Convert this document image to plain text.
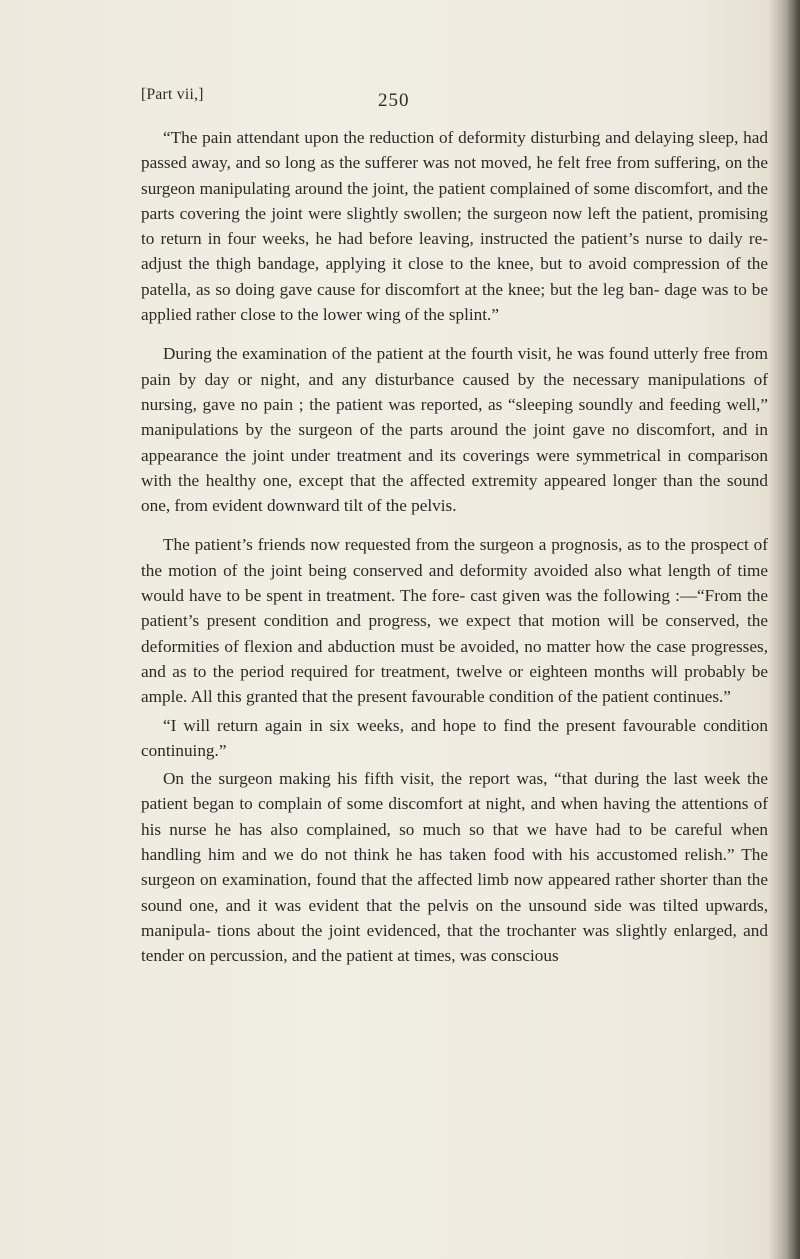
[Part vii,]	250

“The pain attendant upon the reduction of deformity disturbing and delaying sleep, had passed away, and so long as the sufferer was not moved, he felt free from suffering, on the surgeon manipulating around the joint, the patient complained of some discomfort, and the parts covering the joint were slightly swollen; the surgeon now left the patient, promising to return in four weeks, he had before leaving, instructed the patient’s nurse to daily re-adjust the thigh bandage, applying it close to the knee, but to avoid compression of the patella, as so doing gave cause for discomfort at the knee; but the leg ban- dage was to be applied rather close to the lower wing of the splint.”

During the examination of the patient at the fourth visit, he was found utterly free from pain by day or night, and any disturbance caused by the necessary manipulations of nursing, gave no pain ; the patient was reported, as “sleeping soundly and feeding well,” manipulations by the surgeon of the parts around the joint gave no discomfort, and in appearance the joint under treatment and its coverings were symmetrical in comparison with the healthy one, except that the affected extremity appeared longer than the sound one, from evident downward tilt of the pelvis.

The patient’s friends now requested from the surgeon a prognosis, as to the prospect of the motion of the joint being conserved and deformity avoided also what length of time would have to be spent in treatment. The fore- cast given was the following :—“From the patient’s present condition and progress, we expect that motion will be conserved, the deformities of flexion and abduction must be avoided, no matter how the case progresses, and as to the period required for treatment, twelve or eighteen months will probably be ample. All this granted that the present favourable condition of the patient continues.”

“I will return again in six weeks, and hope to find the present favourable condition continuing.”

On the surgeon making his fifth visit, the report was, “that during the last week the patient began to complain of some discomfort at night, and when having the attentions of his nurse he has also complained, so much so that we have had to be careful when handling him and we do not think he has taken food with his accustomed relish.” The surgeon on examination, found that the affected limb now appeared rather shorter than the sound one, and it was evident that the pelvis on the unsound side was tilted upwards, manipula- tions about the joint evidenced, that the trochanter was slightly enlarged, and tender on percussion, and the patient at times, was conscious
